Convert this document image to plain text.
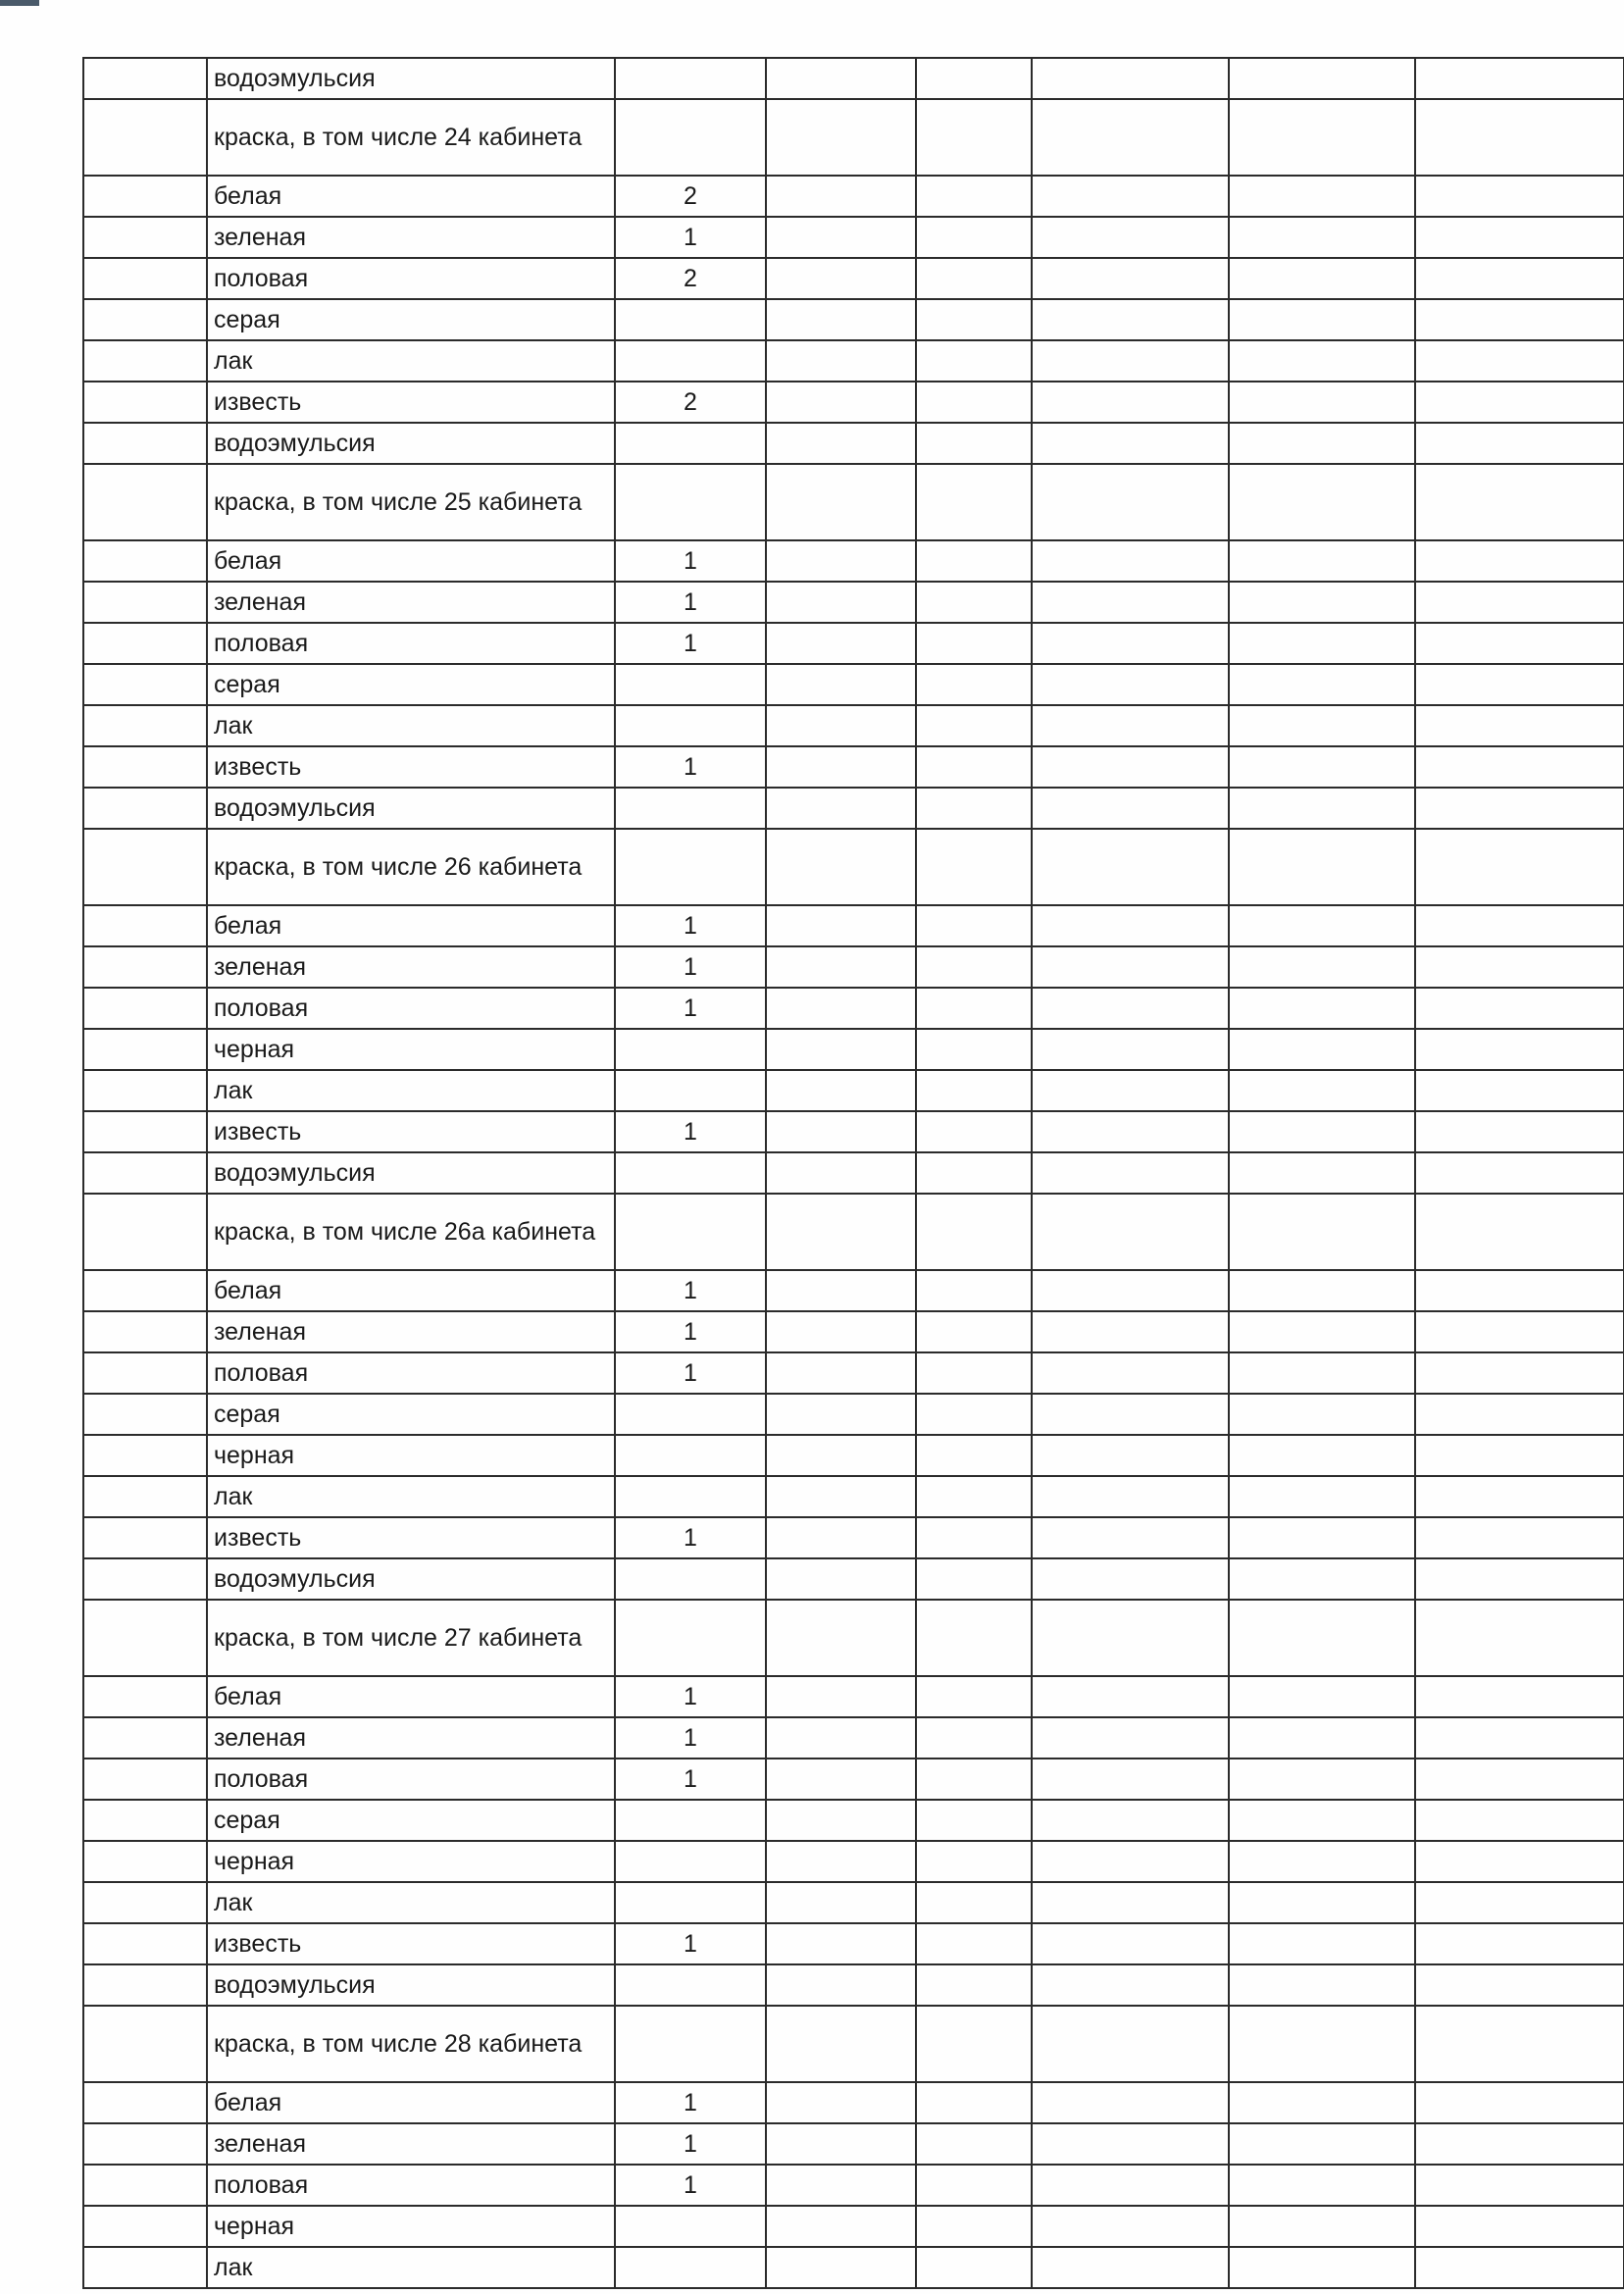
	водоэмульсия						
	краска, в том числе 24 кабинета						
	белая	2					
	зеленая	1					
	половая	2					
	серая						
	лак						
	известь	2					
	водоэмульсия						
	краска, в том числе 25 кабинета						
	белая	1					
	зеленая	1					
	половая	1					
	серая						
	лак						
	известь	1					
	водоэмульсия						
	краска, в том числе 26 кабинета						
	белая	1					
	зеленая	1					
	половая	1					
	черная						
	лак						
	известь	1					
	водоэмульсия						
	краска, в том числе 26а кабинета						
	белая	1					
	зеленая	1					
	половая	1					
	серая						
	черная						
	лак						
	известь	1					
	водоэмульсия						
	краска, в том числе 27 кабинета						
	белая	1					
	зеленая	1					
	половая	1					
	серая						
	черная						
	лак						
	известь	1					
	водоэмульсия						
	краска, в том числе 28 кабинета						
	белая	1					
	зеленая	1					
	половая	1					
	черная						
	лак						
